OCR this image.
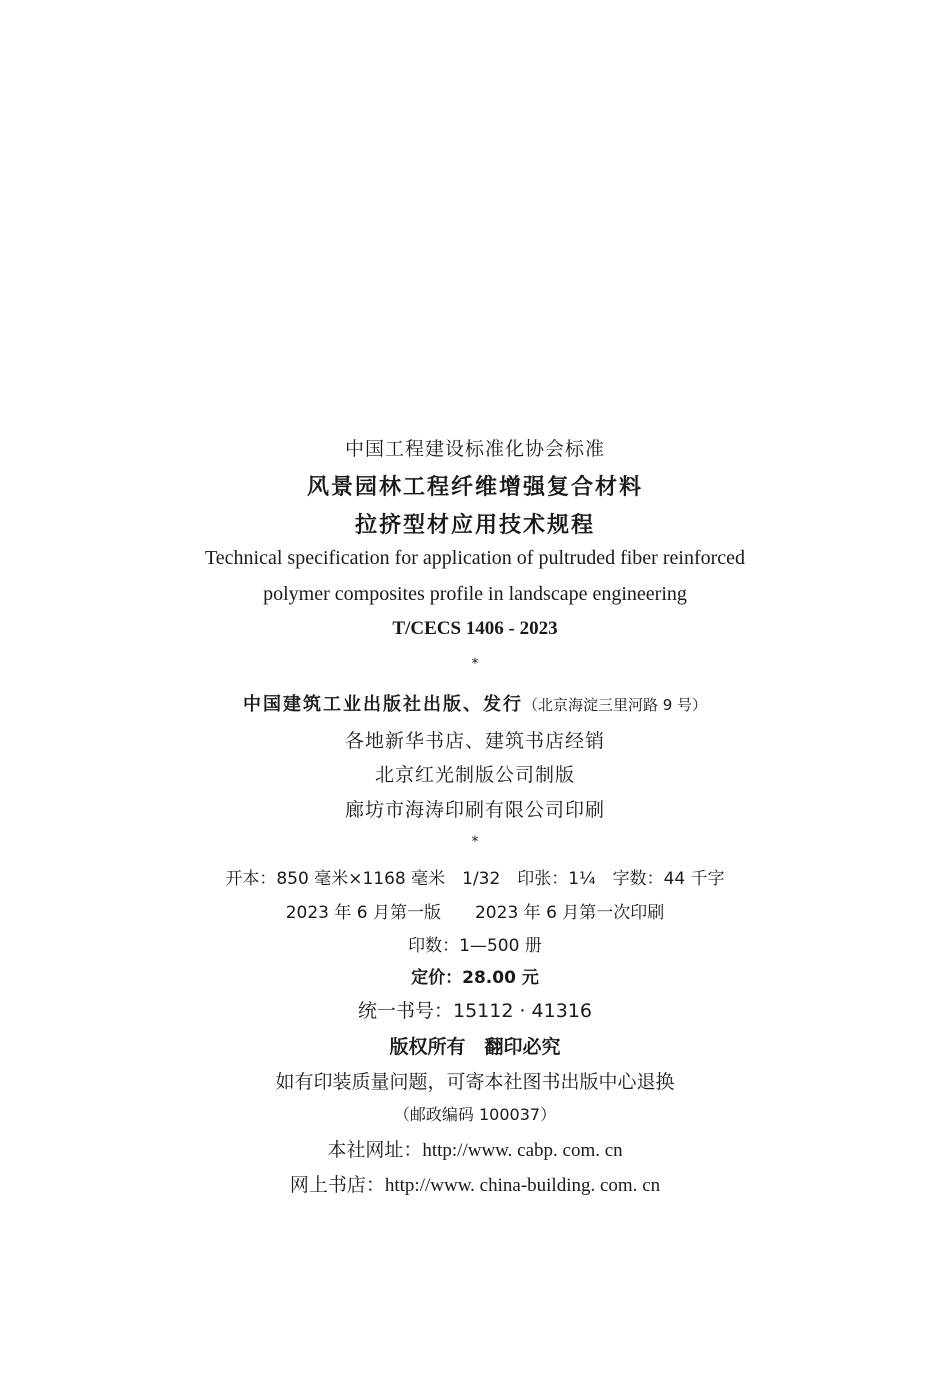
中国工程建设标准化协会标准
风景园林工程纤维增强复合材料
拉挤型材应用技术规程
Technical specification for application of pultruded fiber reinforced
polymer composites profile in landscape engineering
T/CECS 1406 - 2023
*
中国建筑工业出版社出版、发行（北京海淀三里河路 9 号）
各地新华书店、建筑书店经销
北京红光制版公司制版
廊坊市海涛印刷有限公司印刷
*
开本：850 毫米×1168 毫米　1/32　印张：1¼　字数：44 千字
2023 年 6 月第一版　　2023 年 6 月第一次印刷
印数：1—500 册
定价：28.00 元
统一书号：15112 · 41316
版权所有　翻印必究
如有印装质量问题，可寄本社图书出版中心退换
（邮政编码 100037）
本社网址：http://www. cabp. com. cn
网上书店：http://www. china-building. com. cn
